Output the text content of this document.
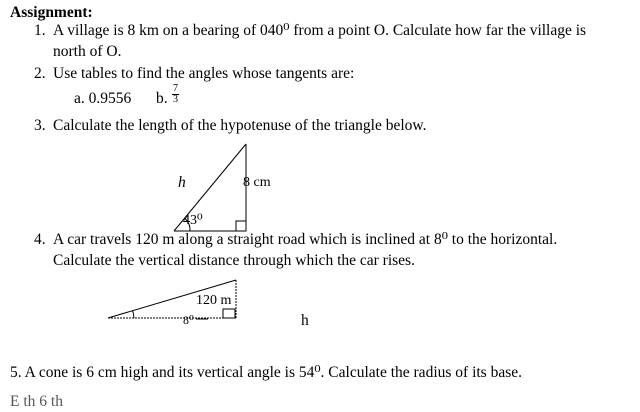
Assignment:
1. A village is 8 km on a bearing of 040⁰ from a point O. Calculate how far the village is
north of O.
2. Use tables to find the angles whose tangents are:
a. 0.9556 b. $\frac{7}{3}$
3. Calculate the length of the hypotenuse of the triangle below.
h	8 cm
43⁰
4. A car travels 120 m along a straight road which is inclined at 8⁰ to the horizontal.
Calculate the vertical distance through which the car rises.
120 m
8⁰	h
5. A cone is 6 cm high and its vertical angle is 54⁰. Calculate the radius of its base.
E th 6 th
